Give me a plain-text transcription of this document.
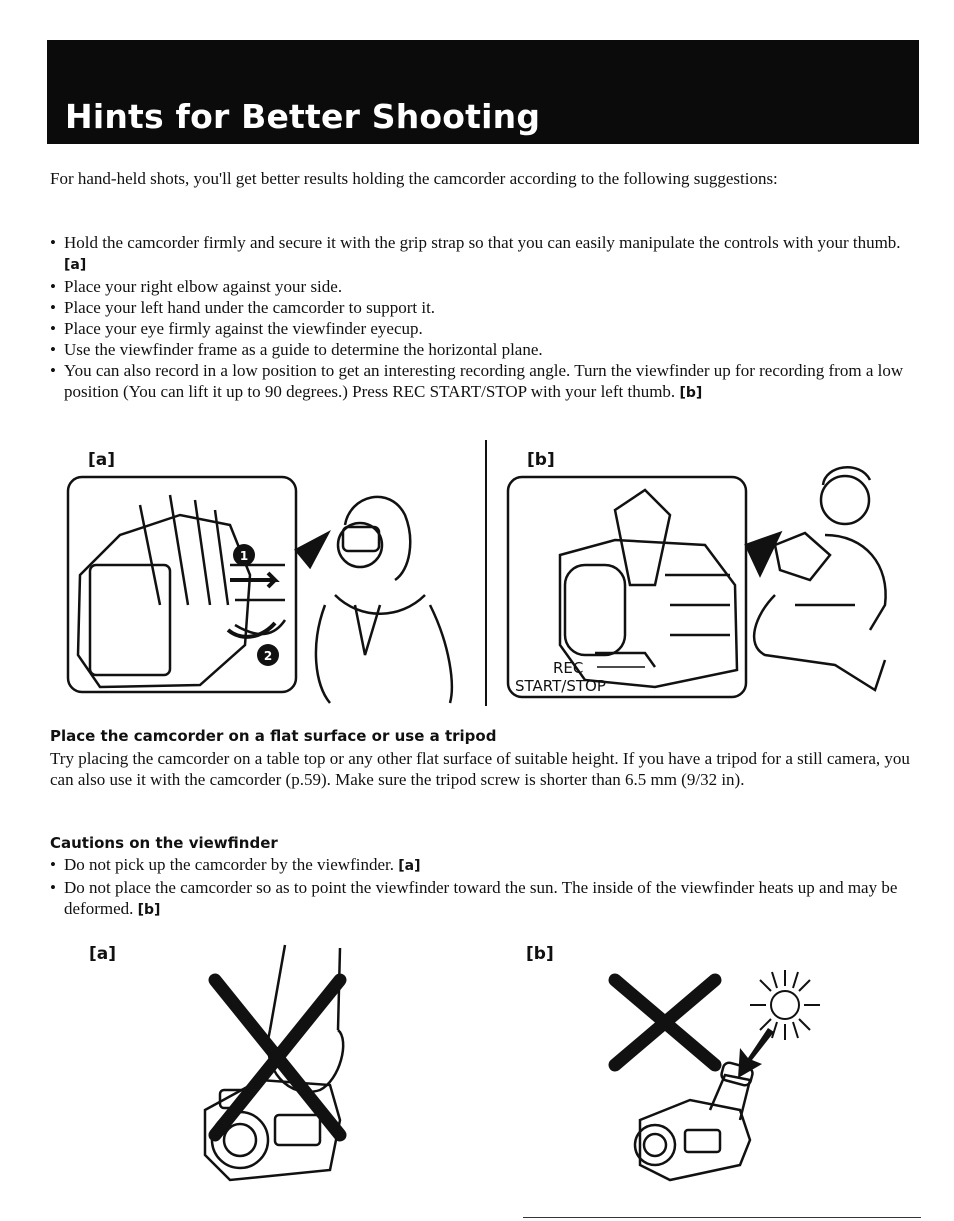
Hints for Better Shooting
For hand-held shots, you'll get better results holding the camcorder according to the following suggestions:
• Hold the camcorder firmly and secure it with the grip strap so that you can easily manipulate the controls with your thumb. [a]
• Place your right elbow against your side.
• Place your left hand under the camcorder to support it.
• Place your eye firmly against the viewfinder eyecup.
• Use the viewfinder frame as a guide to determine the horizontal plane.
• You can also record in a low position to get an interesting recording angle. Turn the viewfinder up for recording from a low position (You can lift it up to 90 degrees.) Press REC START/STOP with your left thumb. [b]
[a]	[b]
1
2
REC
START/STOP
Place the camcorder on a flat surface or use a tripod
Try placing the camcorder on a table top or any other flat surface of suitable height. If you have a tripod for a still camera, you can also use it with the camcorder (p.59). Make sure the tripod screw is shorter than 6.5 mm (9/32 in).
Cautions on the viewfinder
• Do not pick up the camcorder by the viewfinder. [a]
• Do not place the camcorder so as to point the viewfinder toward the sun. The inside of the viewfinder heats up and may be deformed. [b]
[a]	[b]
